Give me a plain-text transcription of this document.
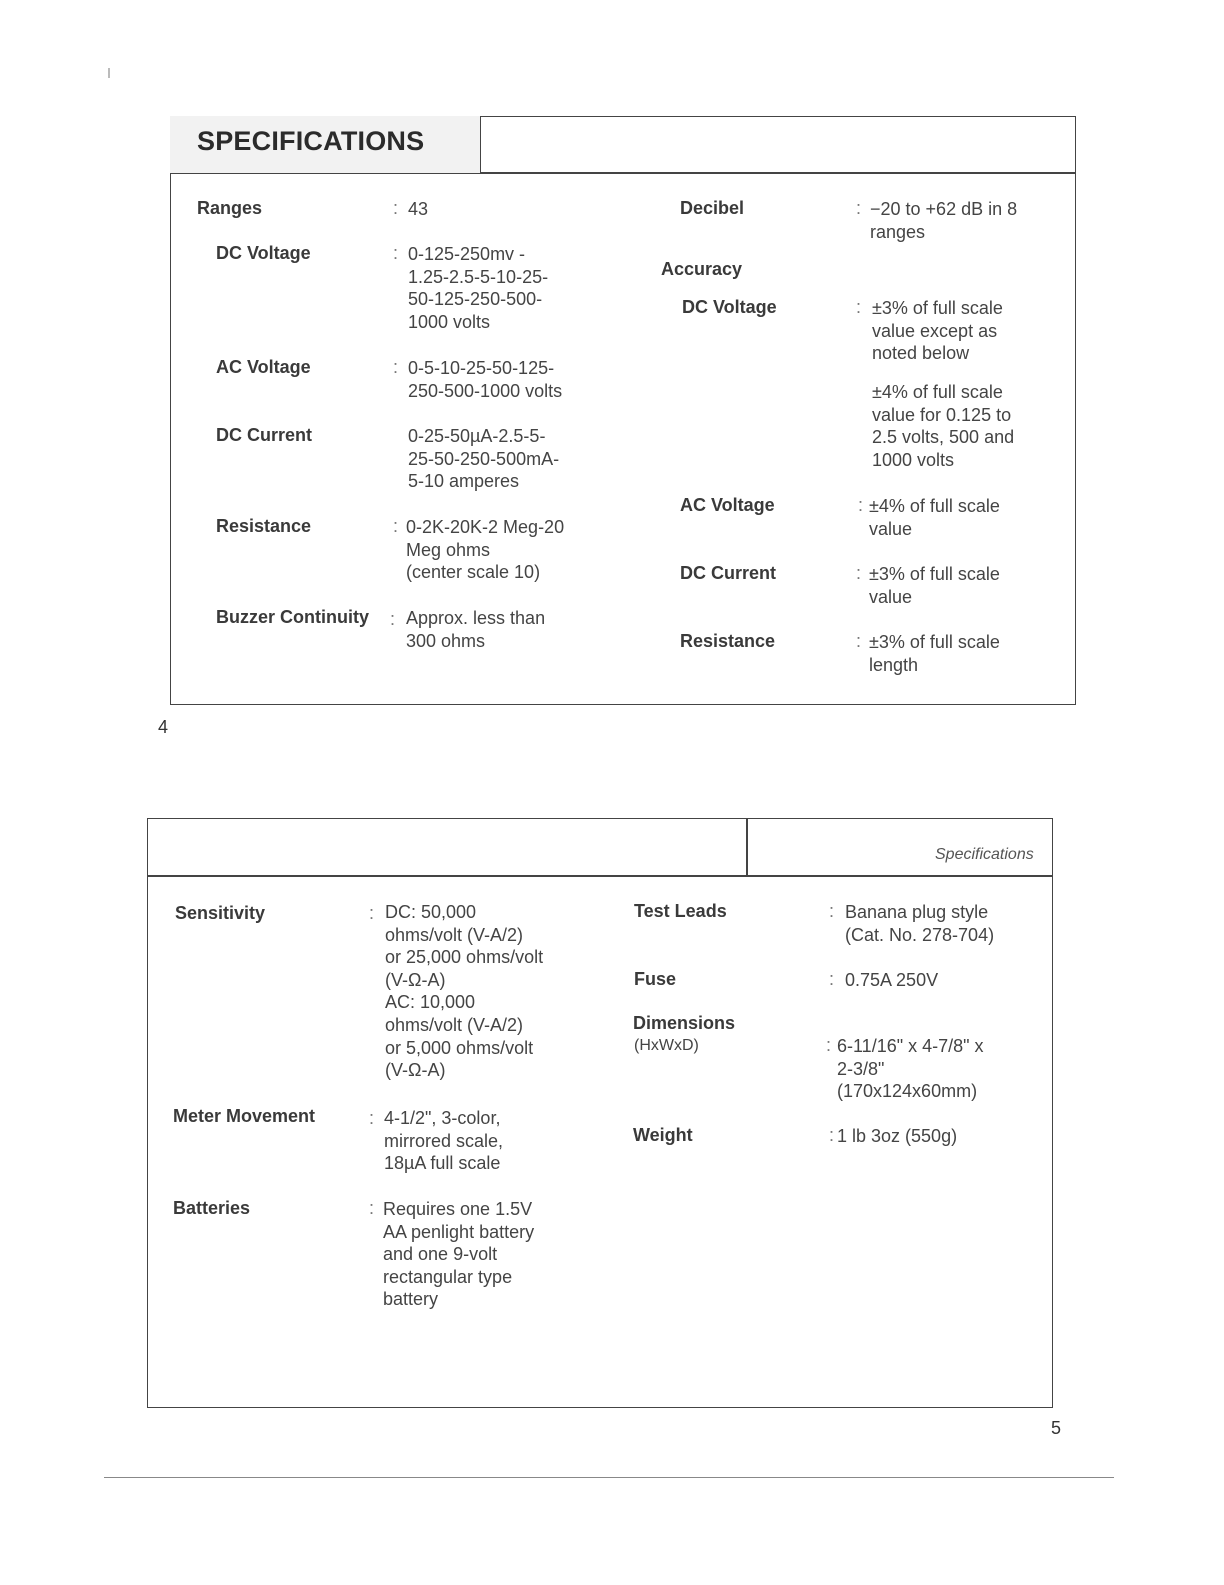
SPECIFICATIONS
Ranges	: 43
DC Voltage	: 0-125-250mv -
1.25-2.5-5-10-25-
50-125-250-500-
1000 volts
AC Voltage	: 0-5-10-25-50-125-
250-500-1000 volts
DC Current	0-25-50µA-2.5-5-
25-50-250-500mA-
5-10 amperes
Resistance	: 0-2K-20K-2 Meg-20
Meg ohms
(center scale 10)
Buzzer Continuity : Approx. less than
300 ohms
Decibel	: −20 to +62 dB in 8
ranges
Accuracy
DC Voltage	: ±3% of full scale
value except as
noted below
±4% of full scale
value for 0.125 to
2.5 volts, 500 and
1000 volts
AC Voltage	: ±4% of full scale
value
DC Current	: ±3% of full scale
value
Resistance	: ±3% of full scale
length
4
Specifications
Sensitivity	: DC: 50,000
ohms/volt (V-A/2)
or 25,000 ohms/volt
(V-Ω-A)
AC: 10,000
ohms/volt (V-A/2)
or 5,000 ohms/volt
(V-Ω-A)
Meter Movement	: 4-1/2", 3-color,
mirrored scale,
18µA full scale
Batteries	: Requires one 1.5V
AA penlight battery
and one 9-volt
rectangular type
battery
Test Leads	: Banana plug style
(Cat. No. 278-704)
Fuse	: 0.75A 250V
Dimensions
(HxWxD)	: 6-11/16" x 4-7/8" x
2-3/8"
(170x124x60mm)
Weight	: 1 lb 3oz (550g)
5
